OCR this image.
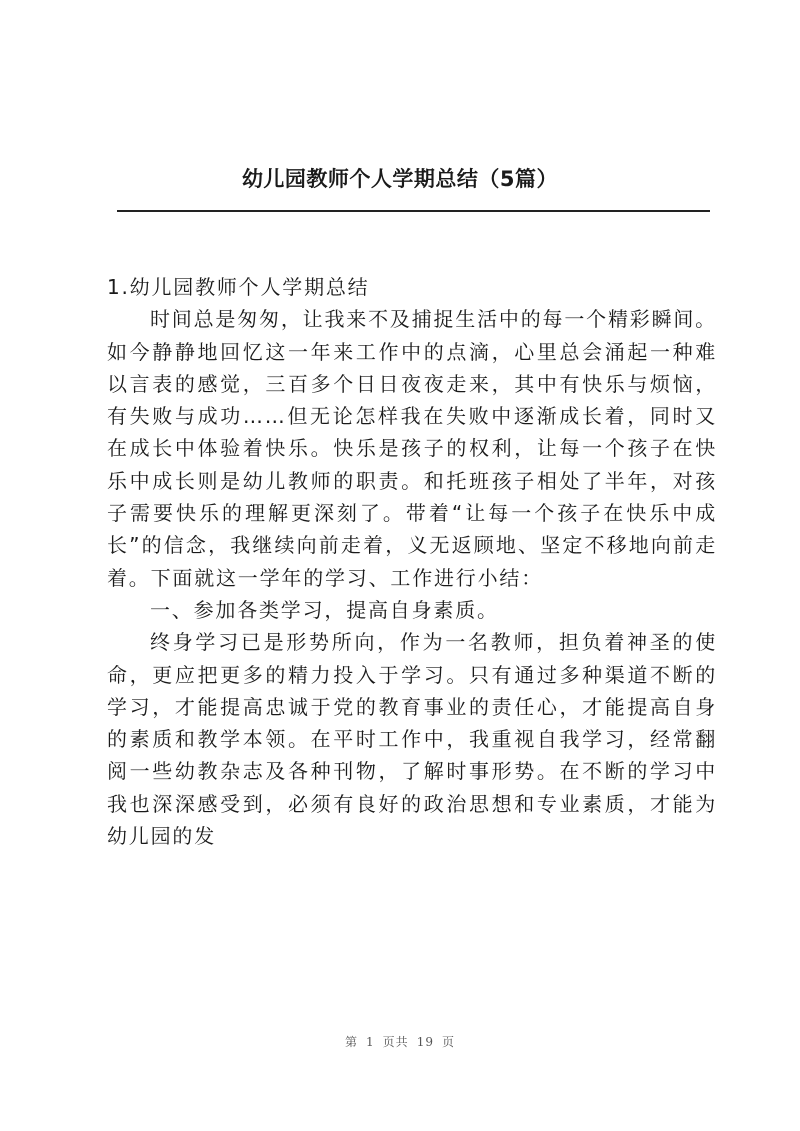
幼儿园教师个人学期总结（5篇）

1.幼儿园教师个人学期总结

时间总是匆匆，让我来不及捕捉生活中的每一个精彩瞬间。如今静静地回忆这一年来工作中的点滴，心里总会涌起一种难以言表的感觉，三百多个日日夜夜走来，其中有快乐与烦恼，有失败与成功……但无论怎样我在失败中逐渐成长着，同时又在成长中体验着快乐。快乐是孩子的权利，让每一个孩子在快乐中成长则是幼儿教师的职责。和托班孩子相处了半年，对孩子需要快乐的理解更深刻了。带着“让每一个孩子在快乐中成长”的信念，我继续向前走着，义无返顾地、坚定不移地向前走着。下面就这一学年的学习、工作进行小结：

一、参加各类学习，提高自身素质。

终身学习已是形势所向，作为一名教师，担负着神圣的使命，更应把更多的精力投入于学习。只有通过多种渠道不断的学习，才能提高忠诚于党的教育事业的责任心，才能提高自身的素质和教学本领。在平时工作中，我重视自我学习，经常翻阅一些幼教杂志及各种刊物，了解时事形势。在不断的学习中我也深深感受到，必须有良好的政治思想和专业素质，才能为幼儿园的发

第 1 页共 19 页
